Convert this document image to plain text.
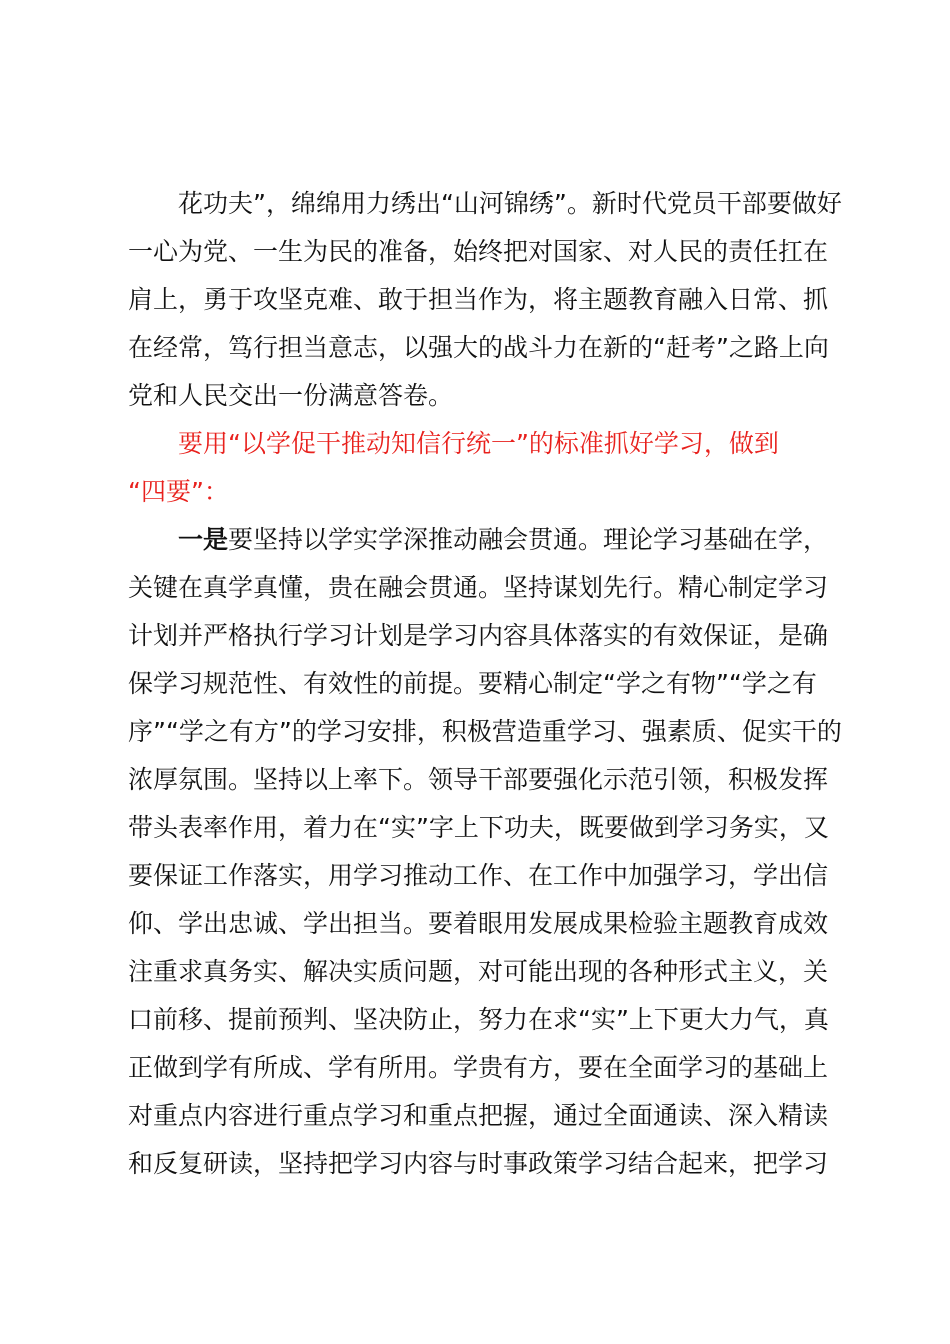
花功夫”，绵绵用力绣出“山河锦绣”。新时代党员干部要做好
一心为党、一生为民的准备，始终把对国家、对人民的责任扛在
肩上，勇于攻坚克难、敢于担当作为，将主题教育融入日常、抓
在经常，笃行担当意志，以强大的战斗力在新的“赶考”之路上向
党和人民交出一份满意答卷。
要用“以学促干推动知信行统一”的标准抓好学习，做到
“四要”：
一是要坚持以学实学深推动融会贯通。理论学习基础在学，
关键在真学真懂，贵在融会贯通。坚持谋划先行。精心制定学习
计划并严格执行学习计划是学习内容具体落实的有效保证，是确
保学习规范性、有效性的前提。要精心制定“学之有物”“学之有
序”“学之有方”的学习安排，积极营造重学习、强素质、促实干的
浓厚氛围。坚持以上率下。领导干部要强化示范引领，积极发挥
带头表率作用，着力在“实”字上下功夫，既要做到学习务实，又
要保证工作落实，用学习推动工作、在工作中加强学习，学出信
仰、学出忠诚、学出担当。要着眼用发展成果检验主题教育成效
注重求真务实、解决实质问题，对可能出现的各种形式主义，关
口前移、提前预判、坚决防止，努力在求“实”上下更大力气，真
正做到学有所成、学有所用。学贵有方，要在全面学习的基础上
对重点内容进行重点学习和重点把握，通过全面通读、深入精读
和反复研读，坚持把学习内容与时事政策学习结合起来，把学习
